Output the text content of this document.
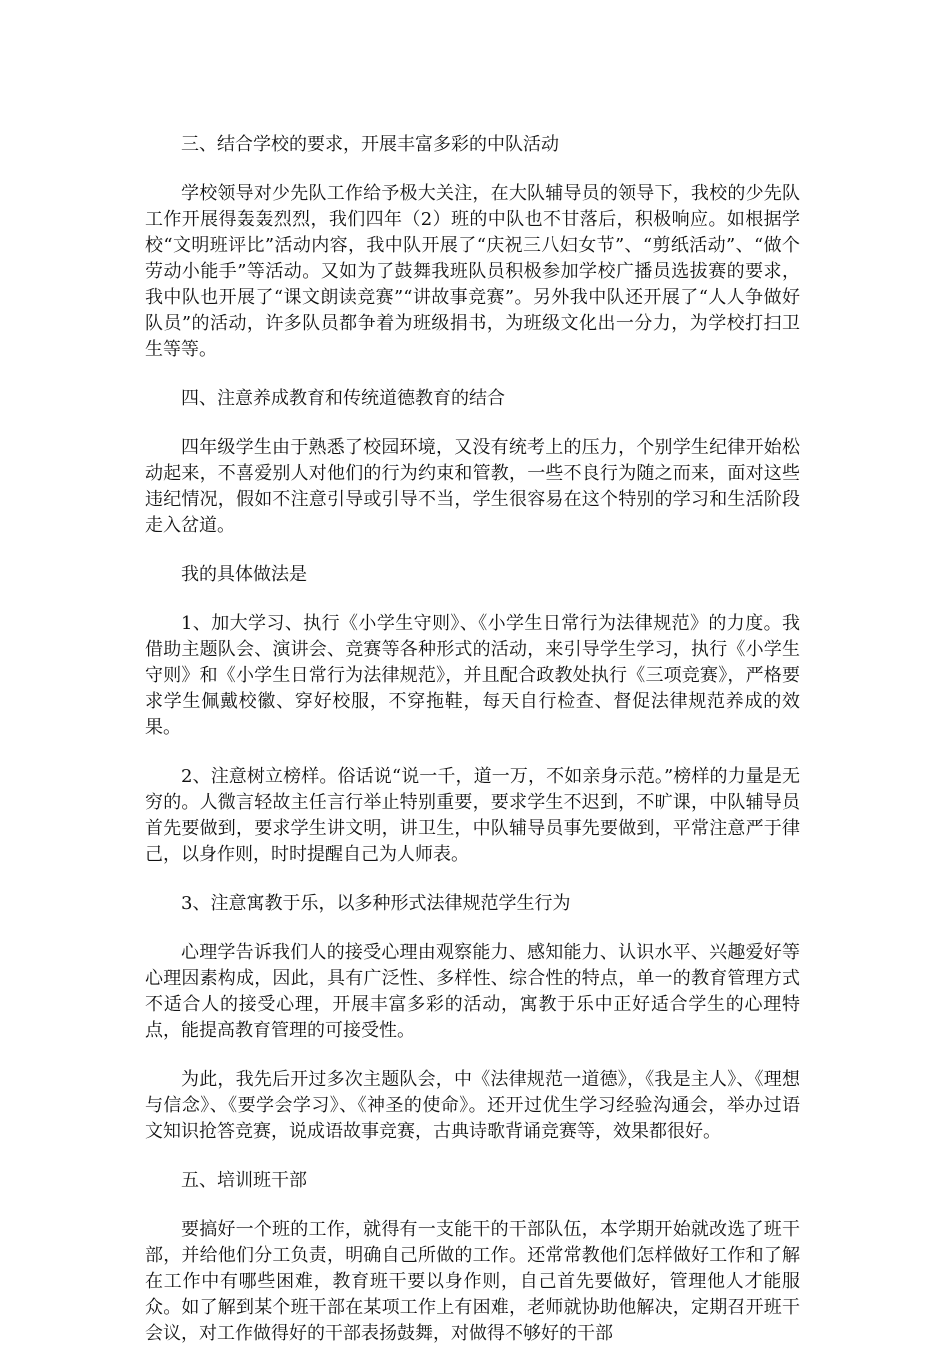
三、结合学校的要求，开展丰富多彩的中队活动

学校领导对少先队工作给予极大关注，在大队辅导员的领导下，我校的少先队工作开展得轰轰烈烈，我们四年（2）班的中队也不甘落后，积极响应。如根据学校“文明班评比”活动内容，我中队开展了“庆祝三八妇女节”、“剪纸活动”、“做个劳动小能手”等活动。又如为了鼓舞我班队员积极参加学校广播员选拔赛的要求，我中队也开展了“课文朗读竞赛”“讲故事竞赛”。另外我中队还开展了“人人争做好队员”的活动，许多队员都争着为班级捐书，为班级文化出一分力，为学校打扫卫生等等。

四、注意养成教育和传统道德教育的结合

四年级学生由于熟悉了校园环境，又没有统考上的压力，个别学生纪律开始松动起来，不喜爱别人对他们的行为约束和管教，一些不良行为随之而来，面对这些违纪情况，假如不注意引导或引导不当，学生很容易在这个特别的学习和生活阶段走入岔道。

我的具体做法是

1、加大学习、执行《小学生守则》、《小学生日常行为法律规范》的力度。我借助主题队会、演讲会、竞赛等各种形式的活动，来引导学生学习，执行《小学生守则》和《小学生日常行为法律规范》，并且配合政教处执行《三项竞赛》，严格要求学生佩戴校徽、穿好校服，不穿拖鞋，每天自行检查、督促法律规范养成的效果。

2、注意树立榜样。俗话说“说一千，道一万，不如亲身示范。”榜样的力量是无穷的。人微言轻故主任言行举止特别重要，要求学生不迟到，不旷课，中队辅导员首先要做到，要求学生讲文明，讲卫生，中队辅导员事先要做到，平常注意严于律己，以身作则，时时提醒自己为人师表。

3、注意寓教于乐，以多种形式法律规范学生行为

心理学告诉我们人的接受心理由观察能力、感知能力、认识水平、兴趣爱好等心理因素构成，因此，具有广泛性、多样性、综合性的特点，单一的教育管理方式不适合人的接受心理，开展丰富多彩的活动，寓教于乐中正好适合学生的心理特点，能提高教育管理的可接受性。

为此，我先后开过多次主题队会，中《法律规范一道德》，《我是主人》、《理想与信念》、《要学会学习》、《神圣的使命》。还开过优生学习经验沟通会，举办过语文知识抢答竞赛，说成语故事竞赛，古典诗歌背诵竞赛等，效果都很好。

五、培训班干部

要搞好一个班的工作，就得有一支能干的干部队伍，本学期开始就改选了班干部，并给他们分工负责，明确自己所做的工作。还常常教他们怎样做好工作和了解在工作中有哪些困难，教育班干要以身作则，自己首先要做好，管理他人才能服众。如了解到某个班干部在某项工作上有困难，老师就协助他解决，定期召开班干会议，对工作做得好的干部表扬鼓舞，对做得不够好的干部
